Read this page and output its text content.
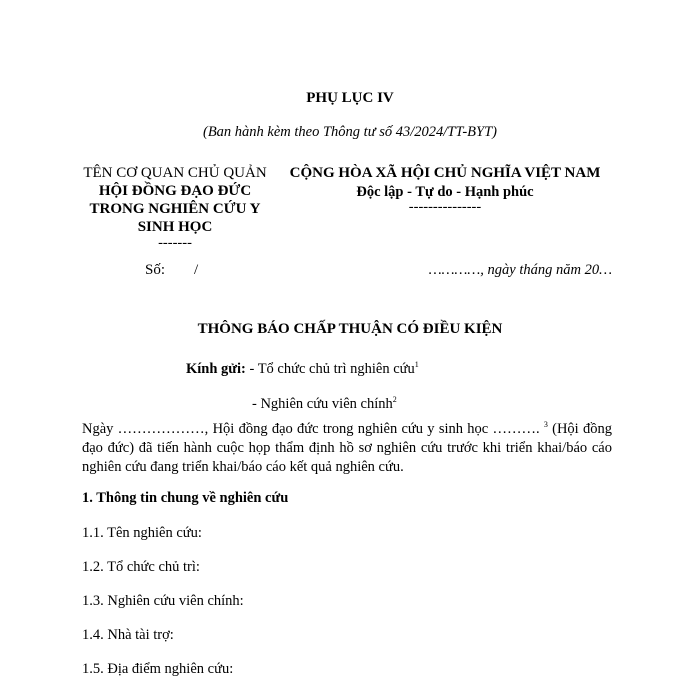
PHỤ LỤC IV
(Ban hành kèm theo Thông tư số 43/2024/TT-BYT)
TÊN CƠ QUAN CHỦ QUẢN
HỘI ĐỒNG ĐẠO ĐỨC
TRONG NGHIÊN CỨU Y
SINH HỌC
-------
Số: /
CỘNG HÒA XÃ HỘI CHỦ NGHĨA VIỆT NAM
Độc lập - Tự do - Hạnh phúc
---------------
…………, ngày tháng năm 20…
THÔNG BÁO CHẤP THUẬN CÓ ĐIỀU KIỆN
Kính gửi: - Tổ chức chủ trì nghiên cứu$^1$
- Nghiên cứu viên chính$^2$
Ngày ………………, Hội đồng đạo đức trong nghiên cứu y sinh học ………. $^3$ (Hội đồng đạo đức) đã tiến hành cuộc họp thẩm định hồ sơ nghiên cứu trước khi triển khai/báo cáo nghiên cứu đang triển khai/báo cáo kết quả nghiên cứu.
1. Thông tin chung về nghiên cứu
1.1. Tên nghiên cứu:
1.2. Tổ chức chủ trì:
1.3. Nghiên cứu viên chính:
1.4. Nhà tài trợ:
1.5. Địa điểm nghiên cứu:
